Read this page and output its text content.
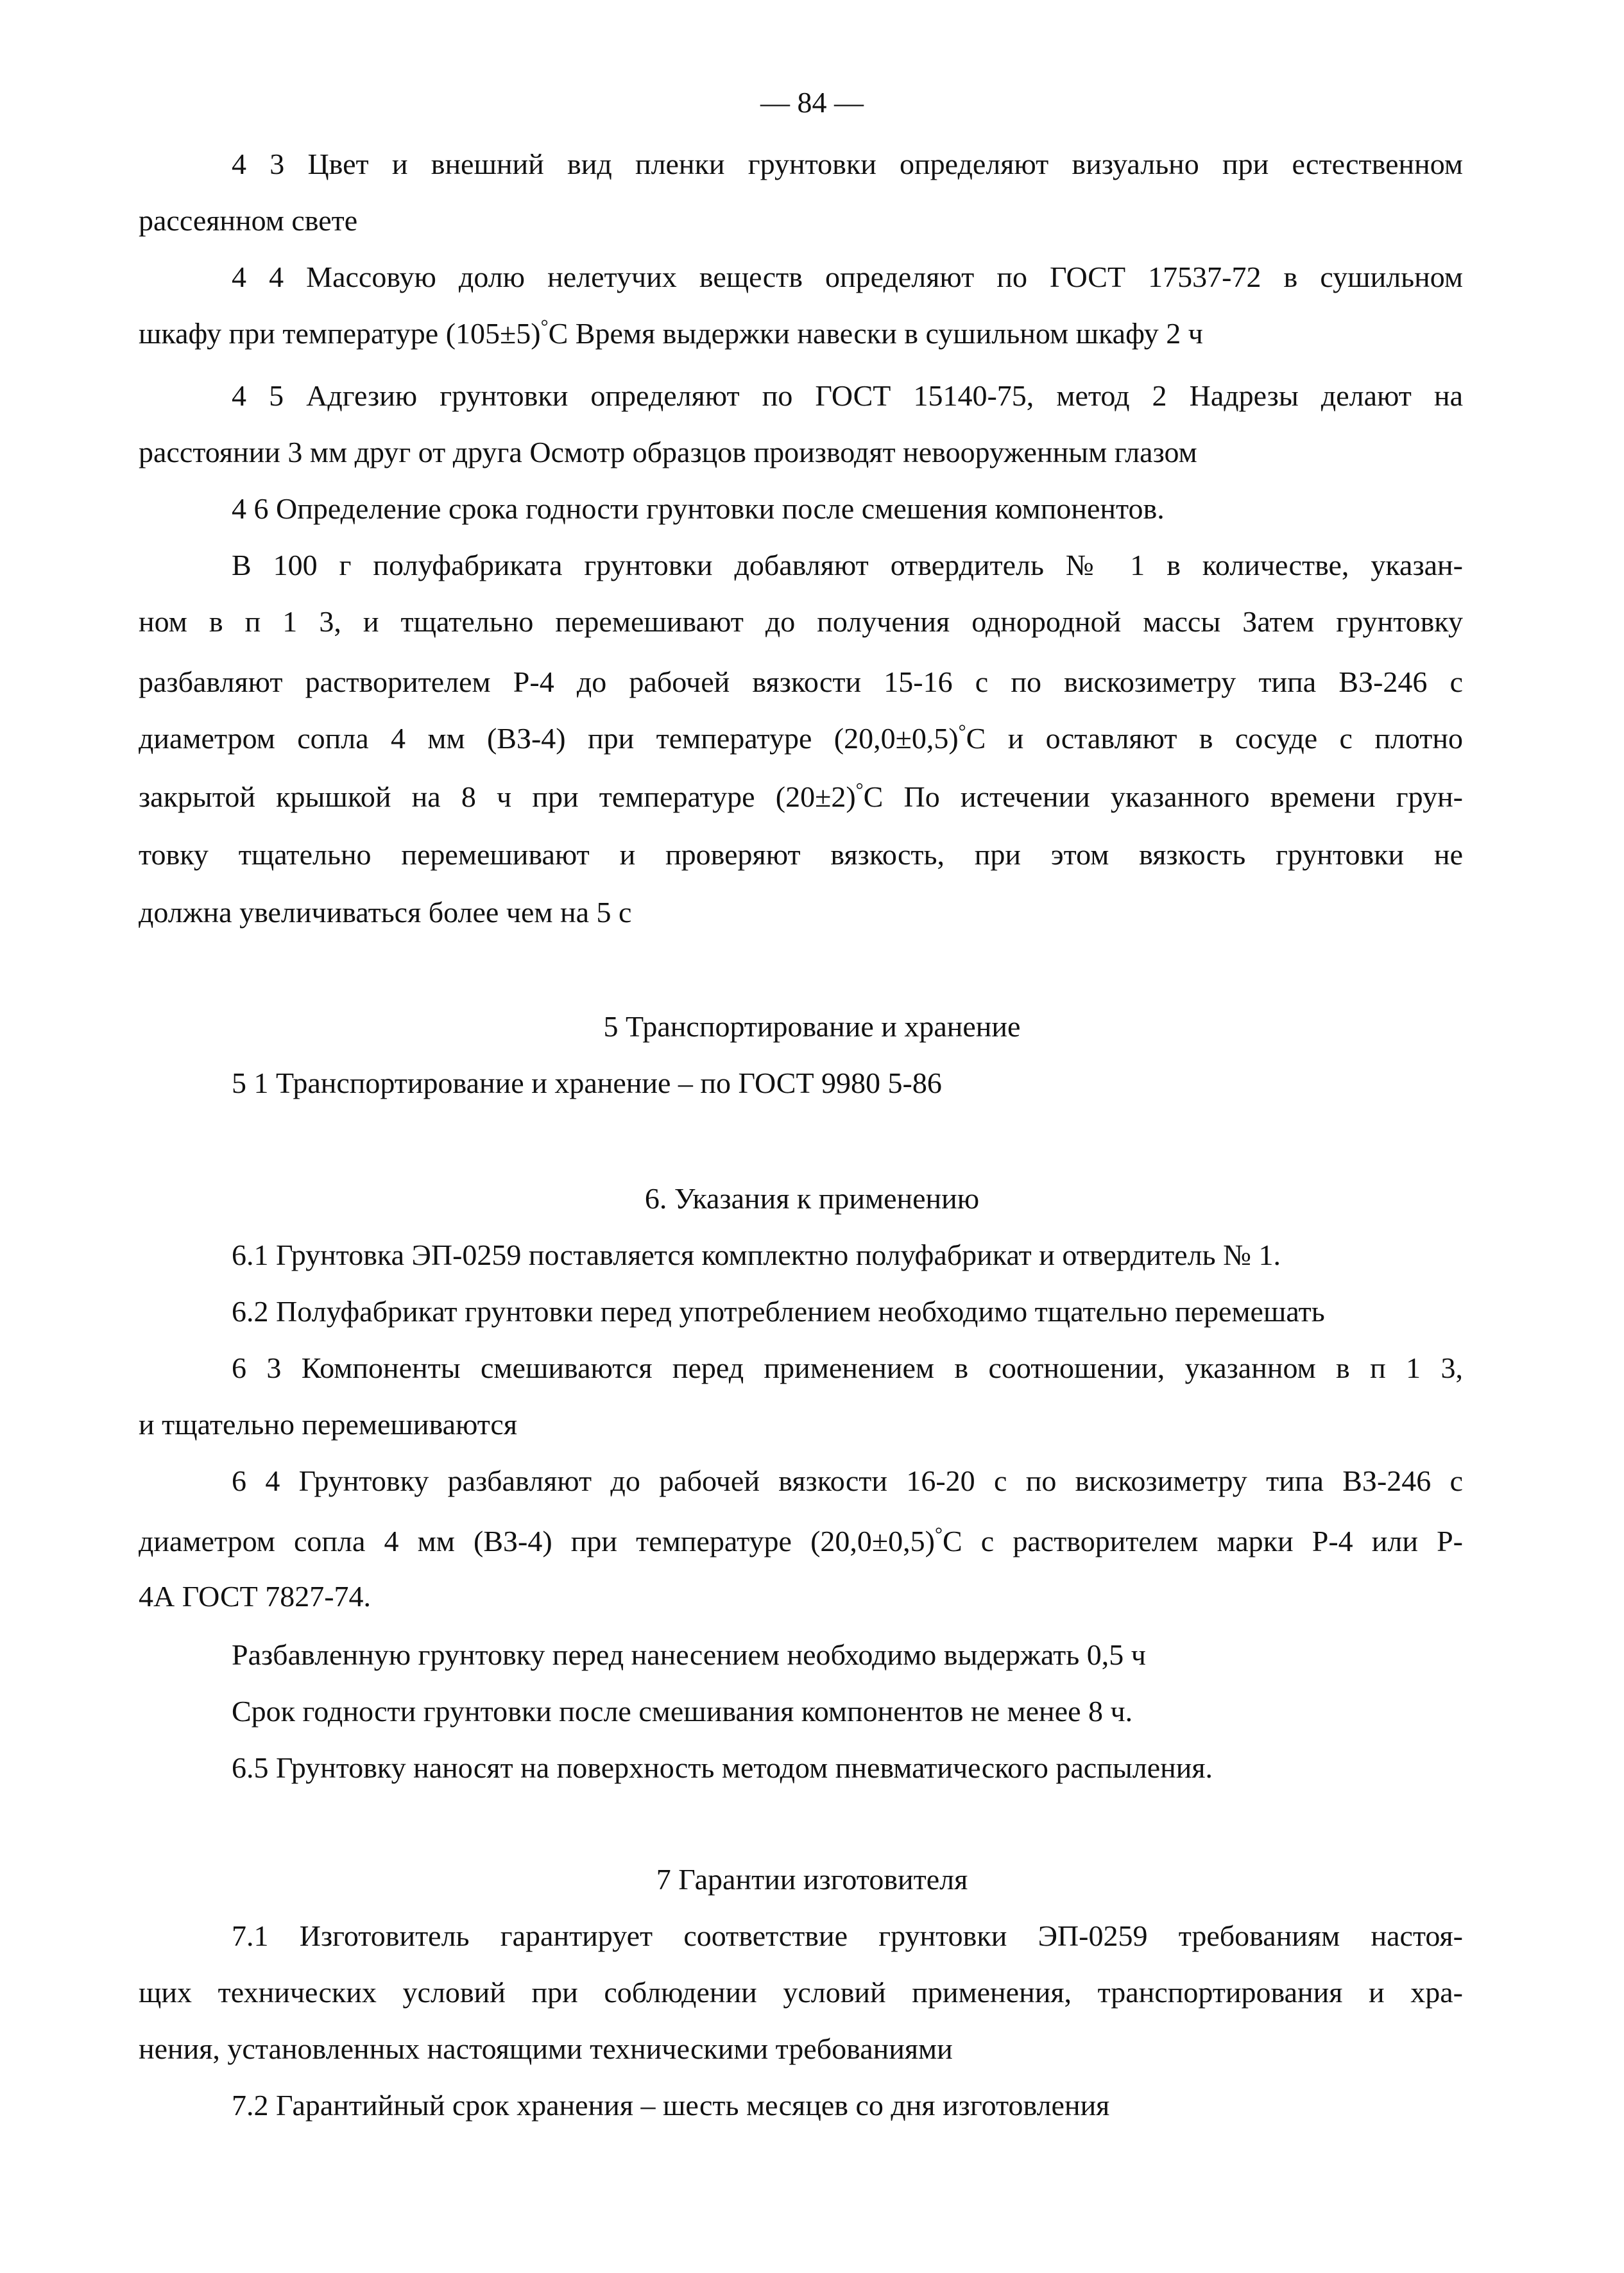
— 84 —
4 3 Цвет и внешний вид пленки грунтовки определяют визуально при естественном
рассеянном свете
4 4 Массовую долю нелетучих веществ определяют по ГОСТ 17537-72 в сушильном
шкафу при температуре (105±5)°С Время выдержки навески в сушильном шкафу 2 ч
4 5 Адгезию грунтовки определяют по ГОСТ 15140-75, метод 2 Надрезы делают на
расстоянии 3 мм друг от друга Осмотр образцов производят невооруженным глазом
4 6 Определение срока годности грунтовки после смешения компонентов.
В 100 г полуфабриката грунтовки добавляют отвердитель № 1 в количестве, указан-
ном в п 1 3, и тщательно перемешивают до получения однородной массы Затем грунтовку
разбавляют растворителем Р-4 до рабочей вязкости 15-16 с по вискозиметру типа ВЗ-246 с
диаметром сопла 4 мм (ВЗ-4) при температуре (20,0±0,5)°С и оставляют в сосуде с плотно
закрытой крышкой на 8 ч при температуре (20±2)°С По истечении указанного времени грун-
товку тщательно перемешивают и проверяют вязкость, при этом вязкость грунтовки не
должна увеличиваться более чем на 5 с
5 Транспортирование и хранение
5 1 Транспортирование и хранение – по ГОСТ 9980 5-86
6. Указания к применению
6.1 Грунтовка ЭП-0259 поставляется комплектно полуфабрикат и отвердитель № 1.
6.2 Полуфабрикат грунтовки перед употреблением необходимо тщательно перемешать
6 3 Компоненты смешиваются перед применением в соотношении, указанном в п 1 3,
и тщательно перемешиваются
6 4 Грунтовку разбавляют до рабочей вязкости 16-20 с по вискозиметру типа ВЗ-246 с
диаметром сопла 4 мм (ВЗ-4) при температуре (20,0±0,5)°С с растворителем марки Р-4 или Р-
4А ГОСТ 7827-74.
Разбавленную грунтовку перед нанесением необходимо выдержать 0,5 ч
Срок годности грунтовки после смешивания компонентов не менее 8 ч.
6.5 Грунтовку наносят на поверхность методом пневматического распыления.
7 Гарантии изготовителя
7.1 Изготовитель гарантирует соответствие грунтовки ЭП-0259 требованиям настоя-
щих технических условий при соблюдении условий применения, транспортирования и хра-
нения, установленных настоящими техническими требованиями
7.2 Гарантийный срок хранения – шесть месяцев со дня изготовления
